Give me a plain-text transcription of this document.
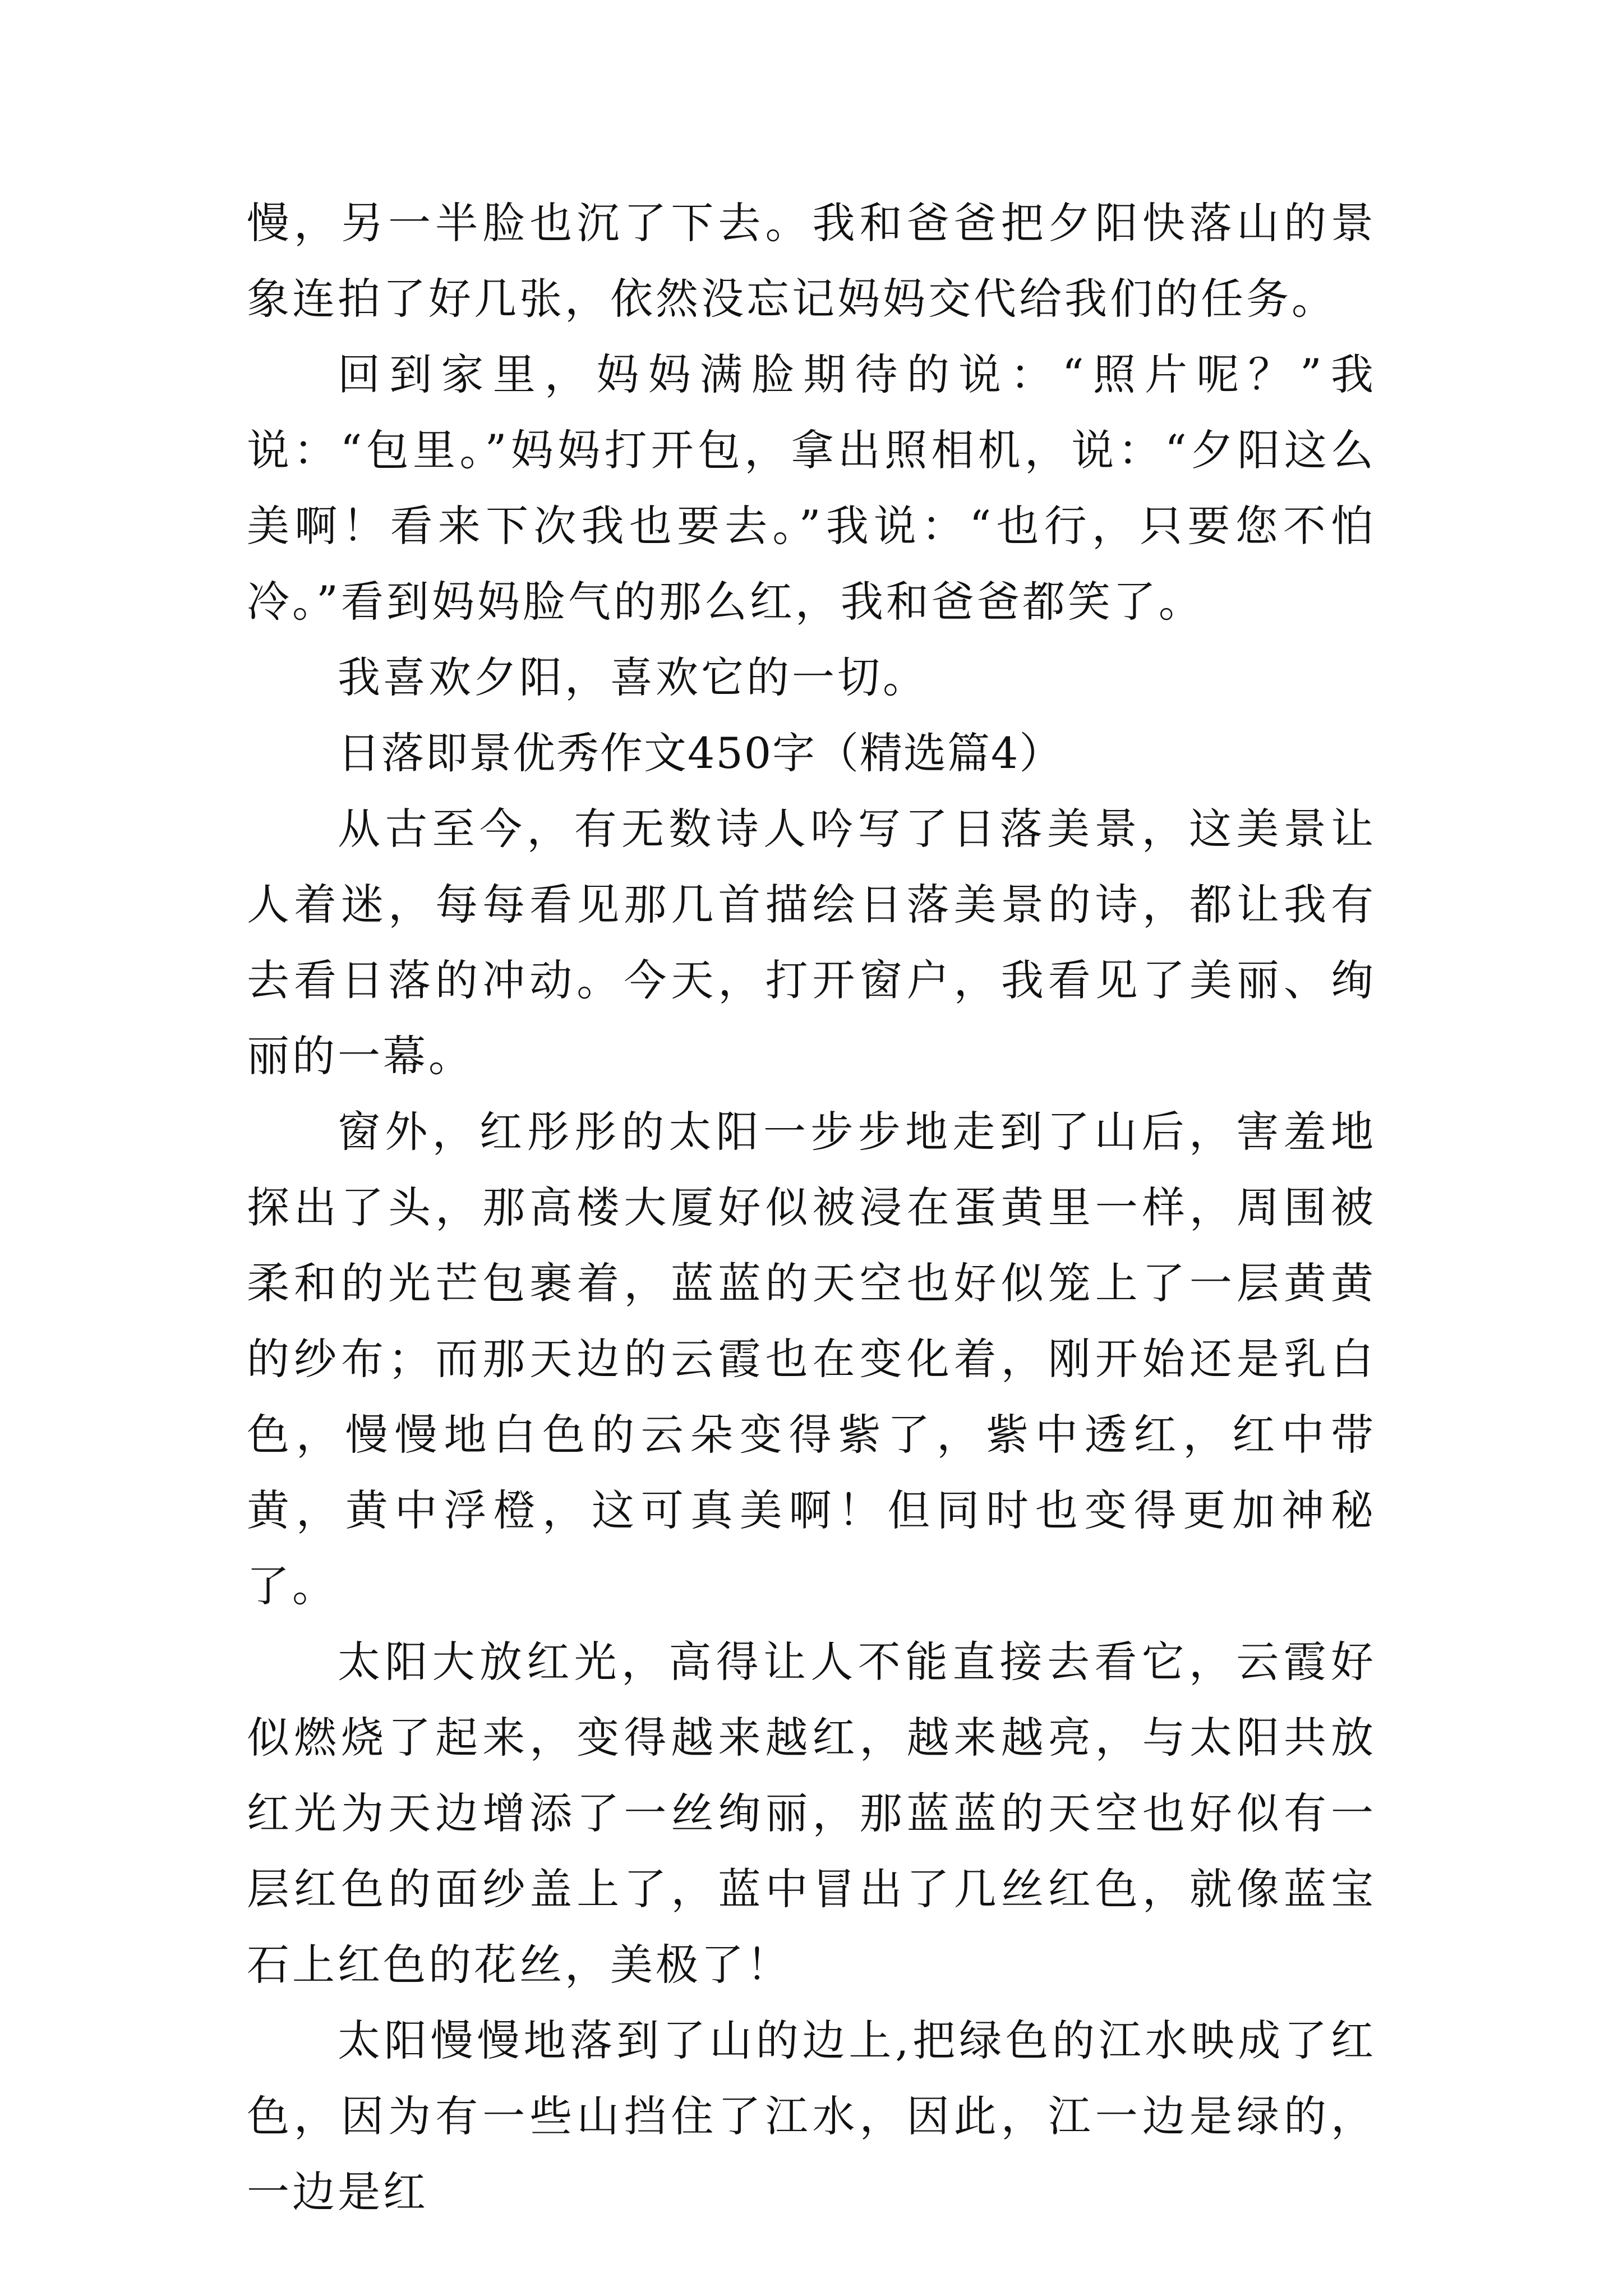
慢，另一半脸也沉了下去。我和爸爸把夕阳快落山的景象连拍了好几张，依然没忘记妈妈交代给我们的任务。

回到家里，妈妈满脸期待的说：“照片呢？”我说：“包里。”妈妈打开包，拿出照相机，说：“夕阳这么美啊！看来下次我也要去。”我说：“也行，只要您不怕冷。”看到妈妈脸气的那么红，我和爸爸都笑了。

我喜欢夕阳，喜欢它的一切。

日落即景优秀作文450字（精选篇4）

从古至今，有无数诗人吟写了日落美景，这美景让人着迷，每每看见那几首描绘日落美景的诗，都让我有去看日落的冲动。今天，打开窗户，我看见了美丽、绚丽的一幕。

窗外，红彤彤的太阳一步步地走到了山后，害羞地探出了头，那高楼大厦好似被浸在蛋黄里一样，周围被柔和的光芒包裹着，蓝蓝的天空也好似笼上了一层黄黄的纱布；而那天边的云霞也在变化着，刚开始还是乳白色，慢慢地白色的云朵变得紫了，紫中透红，红中带黄，黄中浮橙，这可真美啊！但同时也变得更加神秘了。

太阳大放红光，高得让人不能直接去看它，云霞好似燃烧了起来，变得越来越红，越来越亮，与太阳共放红光为天边增添了一丝绚丽，那蓝蓝的天空也好似有一层红色的面纱盖上了，蓝中冒出了几丝红色，就像蓝宝石上红色的花丝，美极了！

太阳慢慢地落到了山的边上,把绿色的江水映成了红色，因为有一些山挡住了江水，因此，江一边是绿的，一边是红
